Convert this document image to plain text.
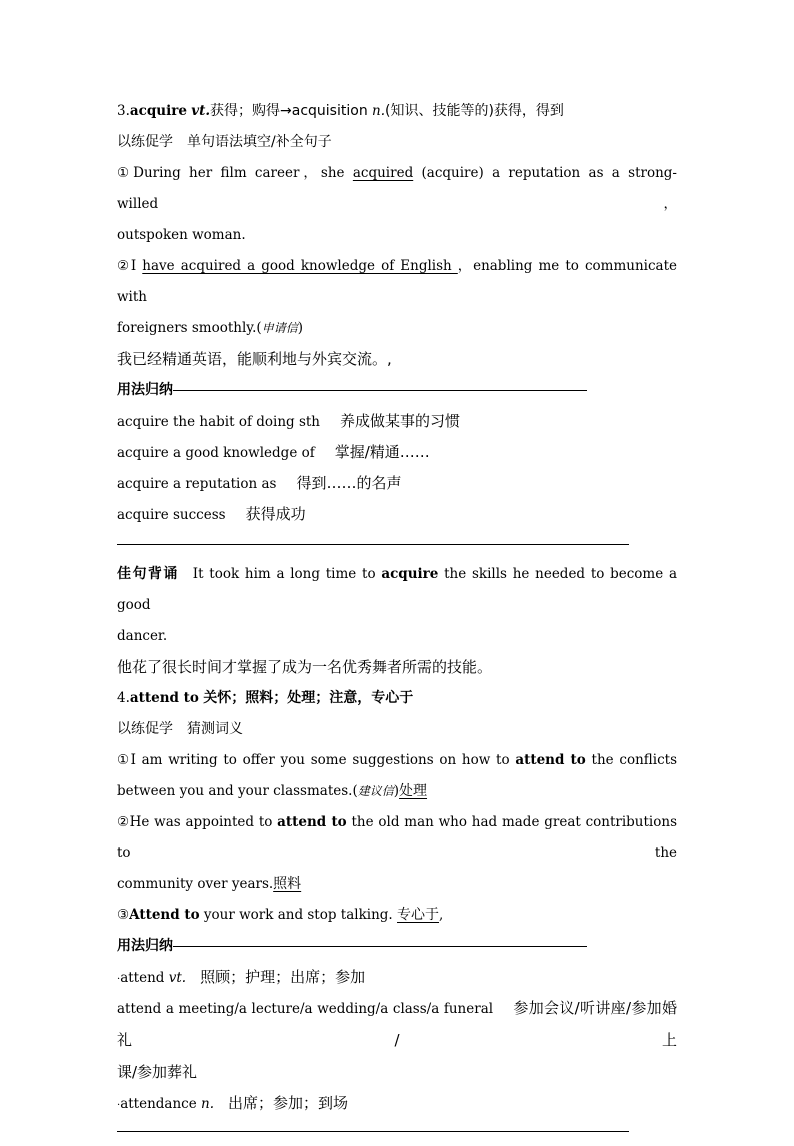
3.acquire vt.获得；购得→acquisition n.(知识、技能等的)获得，得到
以练促学 单句语法填空/补全句子
①During her film career，she acquired (acquire) a reputation as a strong-willed，
outspoken woman.
②I have acquired a good knowledge of English ，enabling me to communicate with
foreigners smoothly.(申请信)
我已经精通英语，能顺利地与外宾交流。,
用法归纳
acquire the habit of doing sth 养成做某事的习惯
acquire a good knowledge of 掌握/精通……
acquire a reputation as 得到……的名声
acquire success 获得成功
佳句背诵 It took him a long time to acquire the skills he needed to become a good
dancer.
他花了很长时间才掌握了成为一名优秀舞者所需的技能。
4.attend to 关怀；照料；处理；注意，专心于
以练促学 猜测词义
①I am writing to offer you some suggestions on how to attend to the conflicts
between you and your classmates.(建议信)处理
②He was appointed to attend to the old man who had made great contributions to the
community over years.照料
③Attend to your work and stop talking. 专心于,
用法归纳
·attend vt. 照顾；护理；出席；参加
attend a meeting/a lecture/a wedding/a class/a funeral 参加会议/听讲座/参加婚礼/上
课/参加葬礼
·attendance n. 出席；参加；到场
